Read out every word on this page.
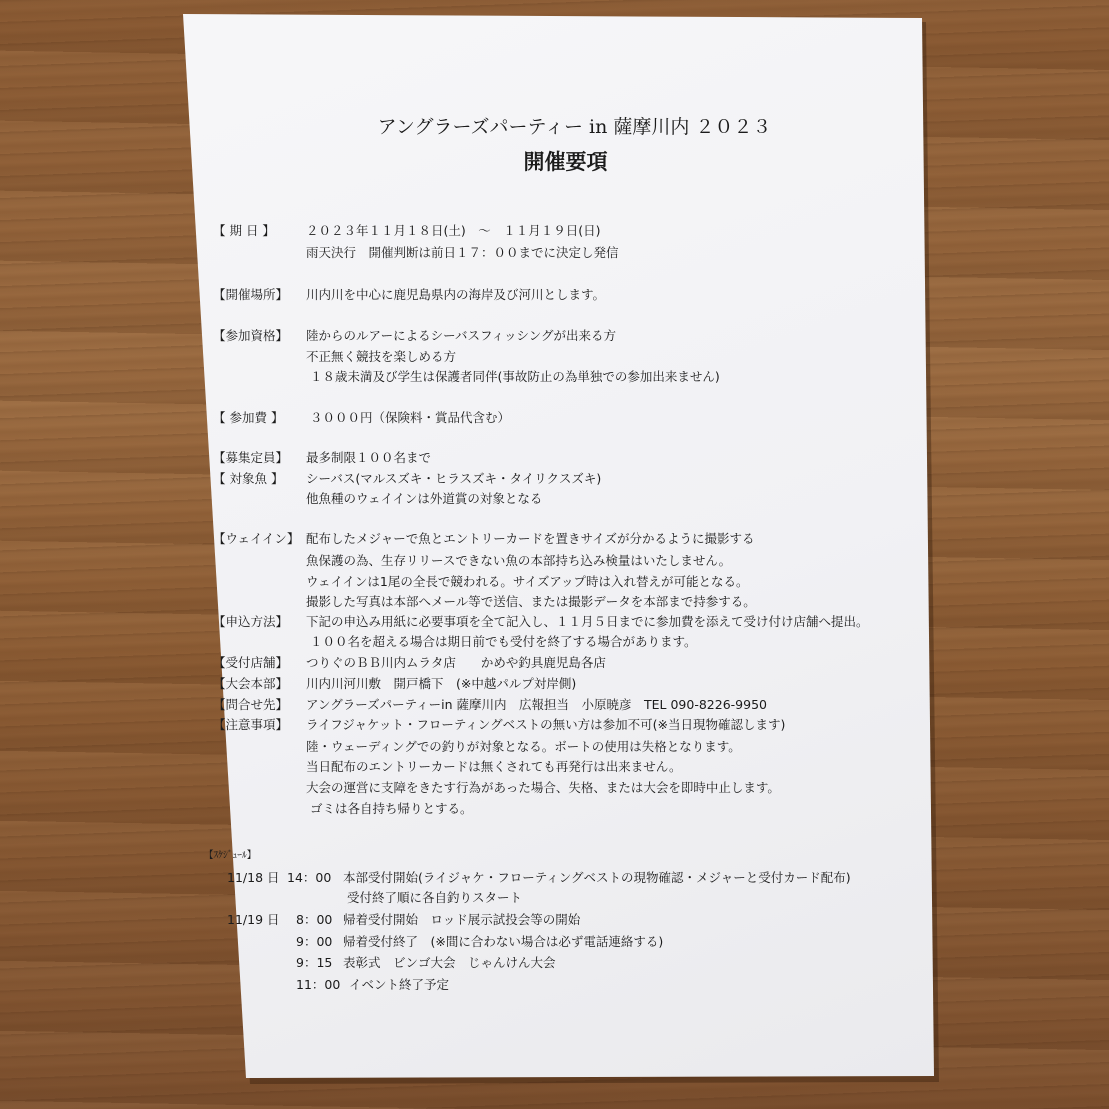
アングラーズパーティー in 薩摩川内 ２０２３
開催要項
【 期 日 】 ２０２３年１１月１８日(土)　～　１１月１９日(日)
雨天決行　開催判断は前日１７：００までに決定し発信
【開催場所】 川内川を中心に鹿児島県内の海岸及び河川とします。
【参加資格】 陸からのルアーによるシーバスフィッシングが出来る方
不正無く競技を楽しめる方
１８歳未満及び学生は保護者同伴(事故防止の為単独での参加出来ません)
【 参加費 】 ３０００円（保険料・賞品代含む）
【募集定員】 最多制限１００名まで
【 対象魚 】 シーバス(マルスズキ・ヒラスズキ・タイリクスズキ)
他魚種のウェイインは外道賞の対象となる
【ウェイイン】 配布したメジャーで魚とエントリーカードを置きサイズが分かるように撮影する
魚保護の為、生存リリースできない魚の本部持ち込み検量はいたしません。
ウェイインは1尾の全長で競われる。サイズアップ時は入れ替えが可能となる。
撮影した写真は本部へメール等で送信、または撮影データを本部まで持参する。
【申込方法】 下記の申込み用紙に必要事項を全て記入し、１１月５日までに参加費を添えて受け付け店舗へ提出。
１００名を超える場合は期日前でも受付を終了する場合があります。
【受付店舗】 つりぐのＢＢ川内ムラタ店　　かめや釣具鹿児島各店
【大会本部】 川内川河川敷　開戸橋下　(※中越パルプ対岸側)
【問合せ先】 アングラーズパーティーin 薩摩川内　広報担当　小原暁彦　TEL 090-8226-9950
【注意事項】 ライフジャケット・フローティングベストの無い方は参加不可(※当日現物確認します)
陸・ウェーディングでの釣りが対象となる。ボートの使用は失格となります。
当日配布のエントリーカードは無くされても再発行は出来ません。
大会の運営に支障をきたす行為があった場合、失格、または大会を即時中止します。
ゴミは各自持ち帰りとする。
【ｽｹｼﾞｭｰﾙ】
11/18 日 14：00 本部受付開始(ライジャケ・フローティングベストの現物確認・メジャーと受付カード配布)
受付終了順に各自釣りスタート
11/19 日 8：00 帰着受付開始　ロッド展示試投会等の開始
9：00 帰着受付終了　(※間に合わない場合は必ず電話連絡する)
9：15 表彰式　ビンゴ大会　じゃんけん大会
11：00 イベント終了予定
